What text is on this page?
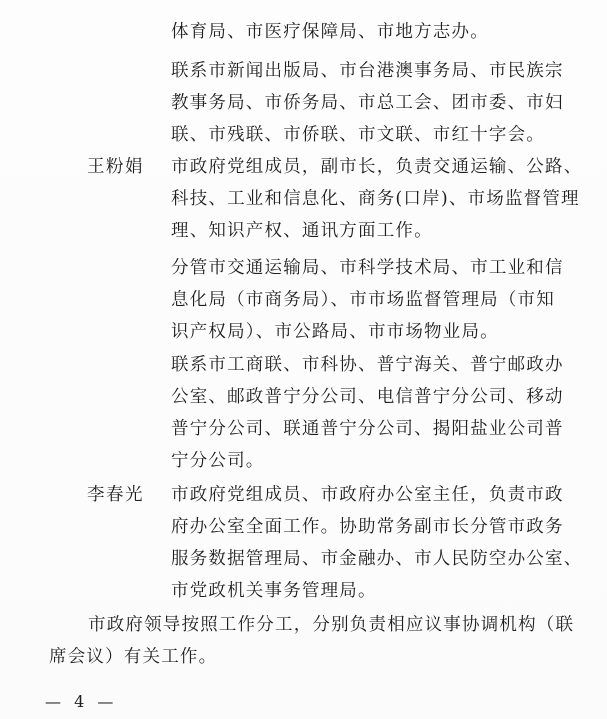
体育局、市医疗保障局、市地方志办。
联系市新闻出版局、市台港澳事务局、市民族宗
教事务局、市侨务局、市总工会、团市委、市妇
联、市残联、市侨联、市文联、市红十字会。
王粉娟 市政府党组成员，副市长，负责交通运输、公路、
科技、工业和信息化、商务(口岸)、市场监督管理
理、知识产权、通讯方面工作。
分管市交通运输局、市科学技术局、市工业和信
息化局（市商务局）、市市场监督管理局（市知
识产权局）、市公路局、市市场物业局。
联系市工商联、市科协、普宁海关、普宁邮政办
公室、邮政普宁分公司、电信普宁分公司、移动
普宁分公司、联通普宁分公司、揭阳盐业公司普
宁分公司。
李春光 市政府党组成员、市政府办公室主任，负责市政
府办公室全面工作。协助常务副市长分管市政务
服务数据管理局、市金融办、市人民防空办公室、
市党政机关事务管理局。
市政府领导按照工作分工，分别负责相应议事协调机构（联
席会议）有关工作。
— 4 —
